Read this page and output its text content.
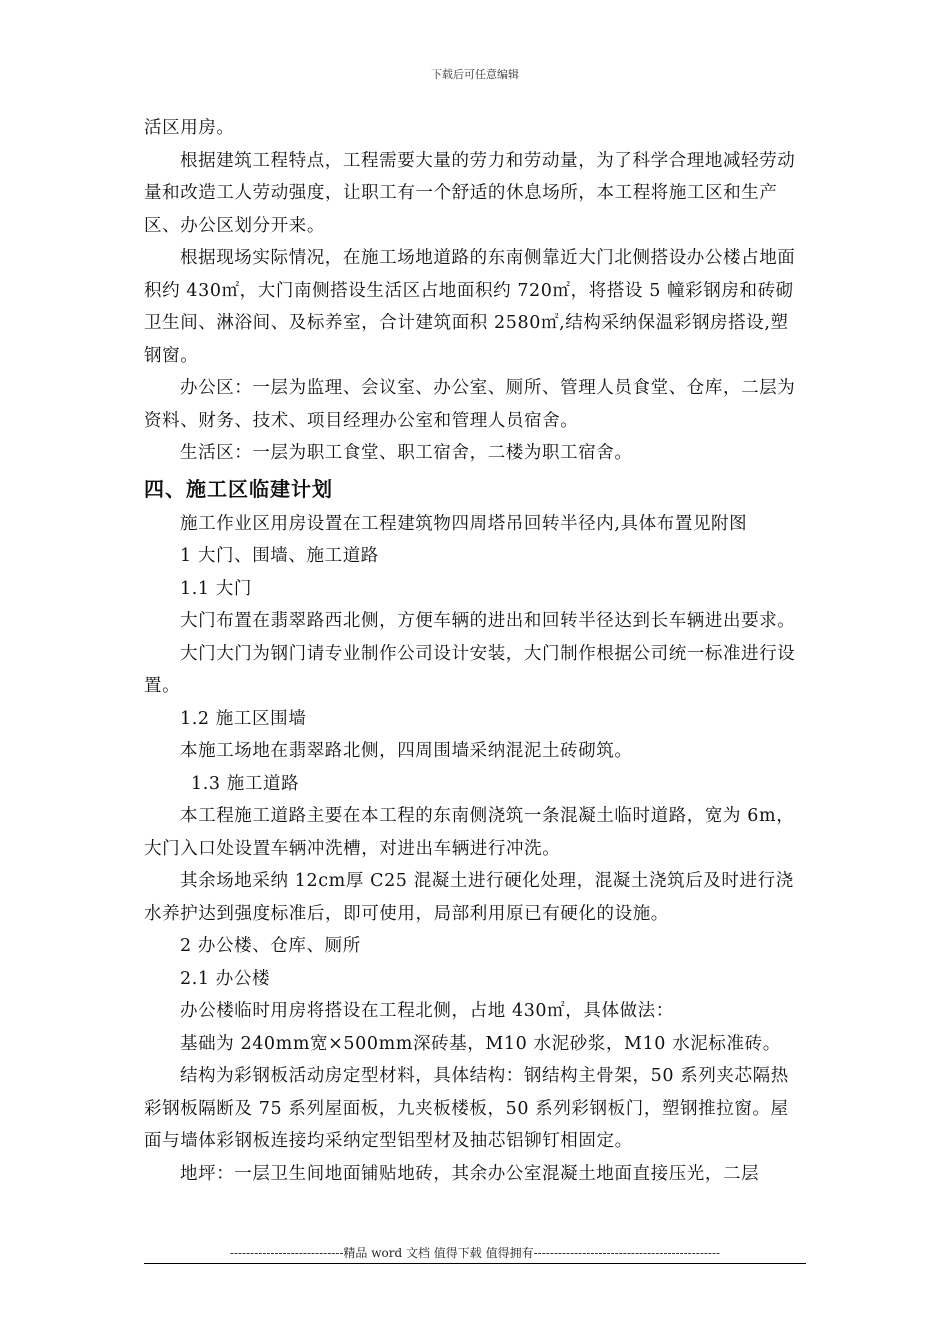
下载后可任意编辑

活区用房。

根据建筑工程特点，工程需要大量的劳力和劳动量，为了科学合理地减轻劳动量和改造工人劳动强度，让职工有一个舒适的休息场所，本工程将施工区和生产区、办公区划分开来。

根据现场实际情况，在施工场地道路的东南侧靠近大门北侧搭设办公楼占地面积约 430㎡，大门南侧搭设生活区占地面积约 720㎡，将搭设 5 幢彩钢房和砖砌卫生间、淋浴间、及标养室，合计建筑面积 2580㎡,结构采纳保温彩钢房搭设,塑钢窗。

办公区：一层为监理、会议室、办公室、厕所、管理人员食堂、仓库，二层为资料、财务、技术、项目经理办公室和管理人员宿舍。

生活区：一层为职工食堂、职工宿舍，二楼为职工宿舍。

四、施工区临建计划

施工作业区用房设置在工程建筑物四周塔吊回转半径内,具体布置见附图

1 大门、围墙、施工道路

1.1 大门

大门布置在翡翠路西北侧，方便车辆的进出和回转半径达到长车辆进出要求。

大门大门为钢门请专业制作公司设计安装，大门制作根据公司统一标准进行设置。

1.2 施工区围墙

本施工场地在翡翠路北侧，四周围墙采纳混泥土砖砌筑。

1.3 施工道路

本工程施工道路主要在本工程的东南侧浇筑一条混凝土临时道路，宽为 6m，大门入口处设置车辆冲洗槽，对进出车辆进行冲洗。

其余场地采纳 12cm厚 C25 混凝土进行硬化处理，混凝土浇筑后及时进行浇水养护达到强度标准后，即可使用，局部利用原已有硬化的设施。

2 办公楼、仓库、厕所

2.1 办公楼

办公楼临时用房将搭设在工程北侧，占地 430㎡，具体做法：

基础为 240mm宽×500mm深砖基，M10 水泥砂浆，M10 水泥标准砖。

结构为彩钢板活动房定型材料，具体结构：钢结构主骨架，50 系列夹芯隔热彩钢板隔断及 75 系列屋面板，九夹板楼板，50 系列彩钢板门，塑钢推拉窗。屋面与墙体彩钢板连接均采纳定型铝型材及抽芯铝铆钉相固定。

地坪：一层卫生间地面铺贴地砖，其余办公室混凝土地面直接压光，二层

----------------------------精品 word 文档 值得下载 值得拥有----------------------------------------------
